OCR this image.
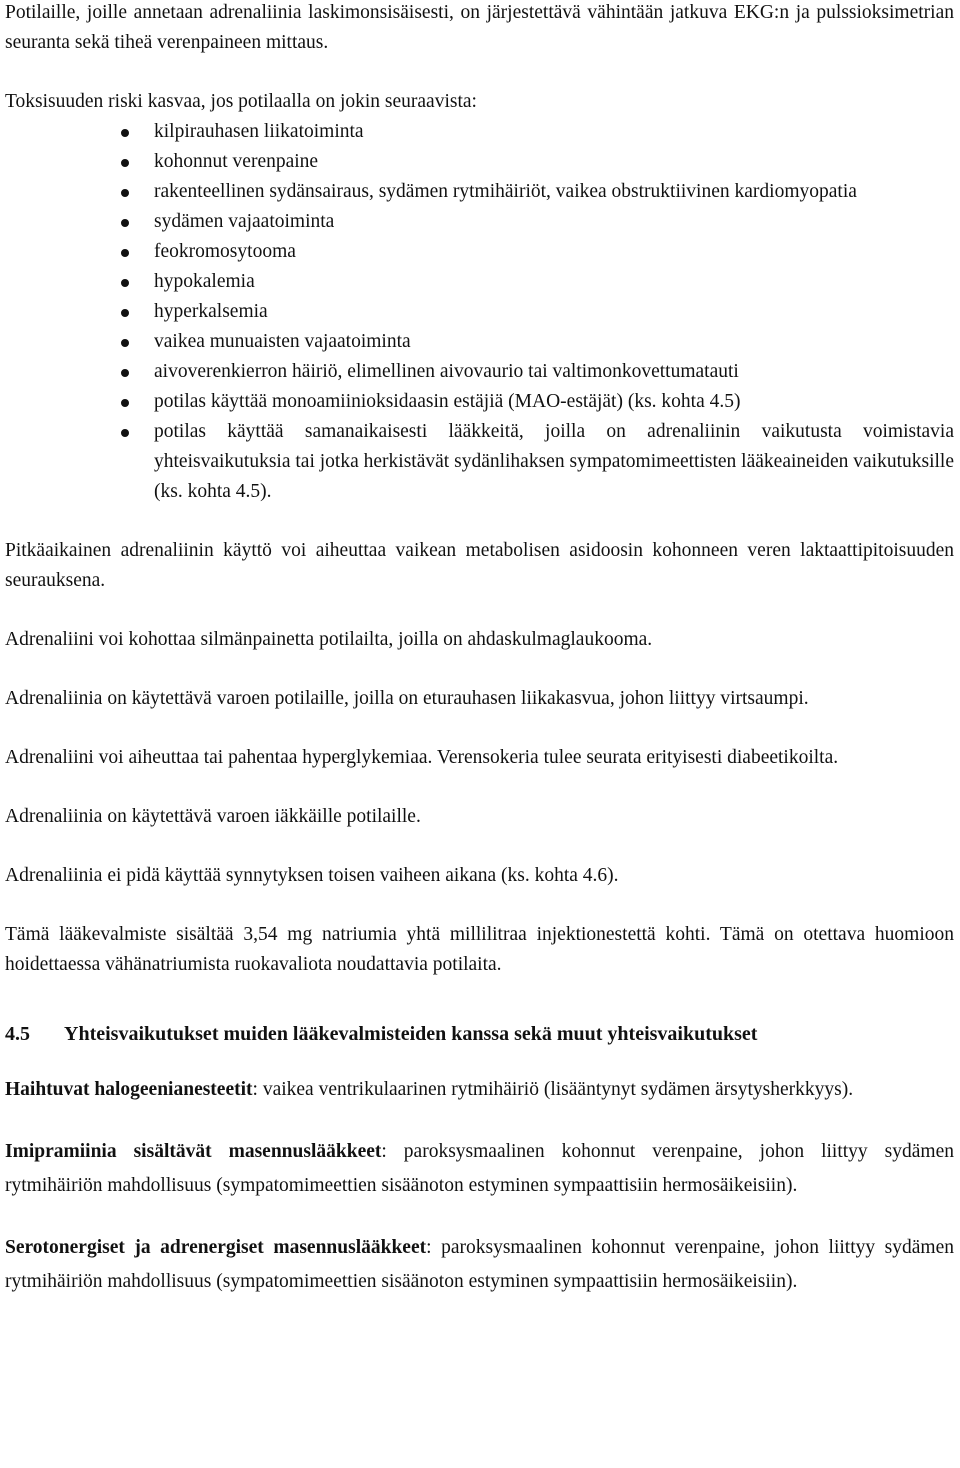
Potilaille, joille annetaan adrenaliinia laskimonsisäisesti, on järjestettävä vähintään jatkuva EKG:n ja pulssioksimetrian seuranta sekä tiheä verenpaineen mittaus.

Toksisuuden riski kasvaa, jos potilaalla on jokin seuraavista:

kilpirauhasen liikatoiminta
kohonnut verenpaine
rakenteellinen sydänsairaus, sydämen rytmihäiriöt, vaikea obstruktiivinen kardiomyopatia
sydämen vajaatoiminta
feokromosytooma
hypokalemia
hyperkalsemia
vaikea munuaisten vajaatoiminta
aivoverenkierron häiriö, elimellinen aivovaurio tai valtimonkovettumatauti
potilas käyttää monoamiinioksidaasin estäjiä (MAO-estäjät) (ks. kohta 4.5)
potilas käyttää samanaikaisesti lääkkeitä, joilla on adrenaliinin vaikutusta voimistavia yhteisvaikutuksia tai jotka herkistävät sydänlihaksen sympatomimeettisten lääkeaineiden vaikutuksille (ks. kohta 4.5).

Pitkäaikainen adrenaliinin käyttö voi aiheuttaa vaikean metabolisen asidoosin kohonneen veren laktaattipitoisuuden seurauksena.

Adrenaliini voi kohottaa silmänpainetta potilailta, joilla on ahdaskulmaglaukooma.

Adrenaliinia on käytettävä varoen potilaille, joilla on eturauhasen liikakasvua, johon liittyy virtsaumpi.

Adrenaliini voi aiheuttaa tai pahentaa hyperglykemiaa. Verensokeria tulee seurata erityisesti diabeetikoilta.

Adrenaliinia on käytettävä varoen iäkkäille potilaille.

Adrenaliinia ei pidä käyttää synnytyksen toisen vaiheen aikana (ks. kohta 4.6).

Tämä lääkevalmiste sisältää 3,54 mg natriumia yhtä millilitraa injektionestettä kohti. Tämä on otettava huomioon hoidettaessa vähänatriumista ruokavaliota noudattavia potilaita.

4.5	Yhteisvaikutukset muiden lääkevalmisteiden kanssa sekä muut yhteisvaikutukset

Haihtuvat halogeenianesteetit: vaikea ventrikulaarinen rytmihäiriö (lisääntynyt sydämen ärsytysherkkyys).

Imipramiinia sisältävät masennuslääkkeet: paroksysmaalinen kohonnut verenpaine, johon liittyy sydämen rytmihäiriön mahdollisuus (sympatomimeettien sisäänoton estyminen sympaattisiin hermosäikeisiin).

Serotonergiset ja adrenergiset masennuslääkkeet: paroksysmaalinen kohonnut verenpaine, johon liittyy sydämen rytmihäiriön mahdollisuus (sympatomimeettien sisäänoton estyminen sympaattisiin hermosäikeisiin).
